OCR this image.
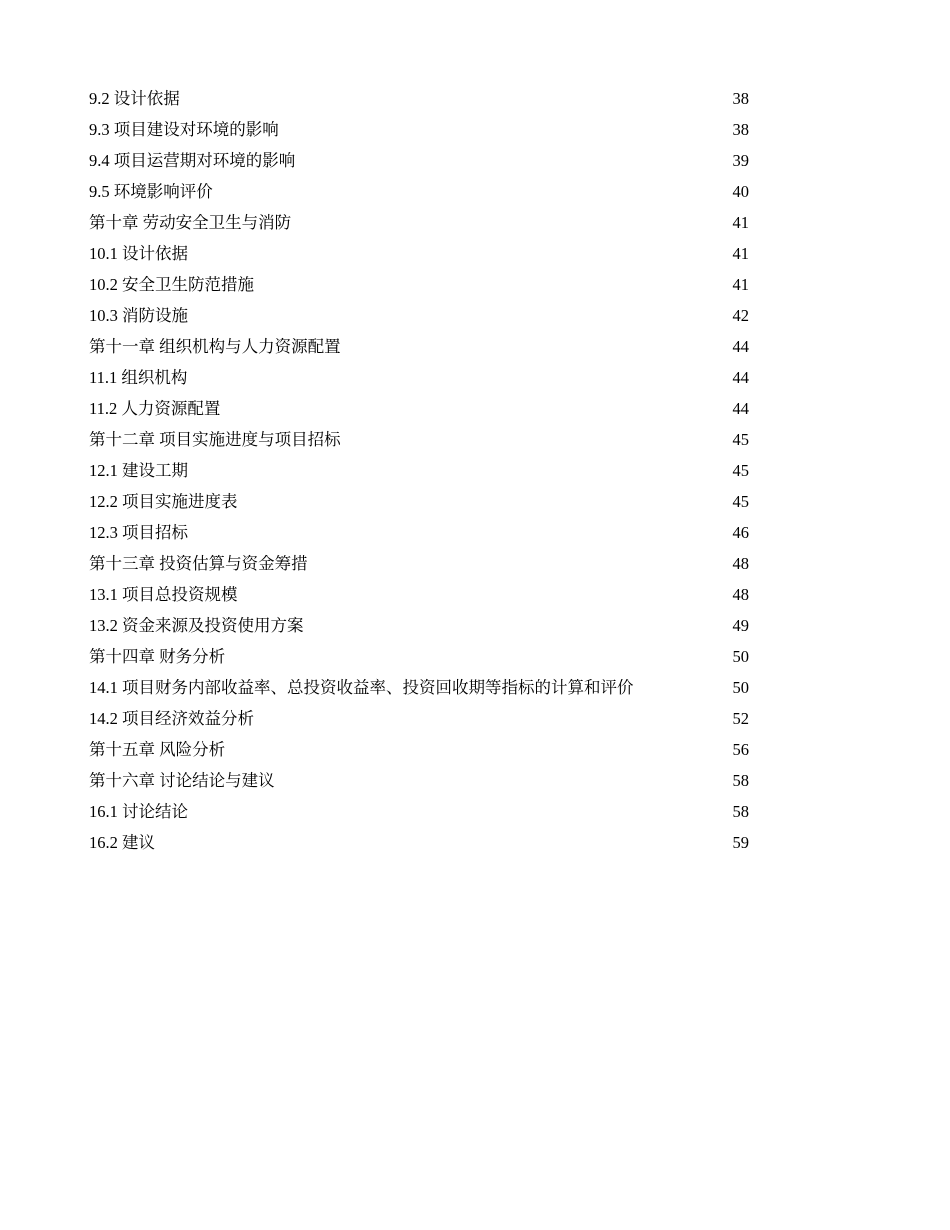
9.2 设计依据	38
9.3 项目建设对环境的影响	38
9.4 项目运营期对环境的影响	39
9.5 环境影响评价	40
第十章 劳动安全卫生与消防	41
10.1 设计依据	41
10.2 安全卫生防范措施	41
10.3 消防设施	42
第十一章 组织机构与人力资源配置	44
11.1 组织机构	44
11.2 人力资源配置	44
第十二章 项目实施进度与项目招标	45
12.1 建设工期	45
12.2 项目实施进度表	45
12.3 项目招标	46
第十三章 投资估算与资金筹措	48
13.1 项目总投资规模	48
13.2 资金来源及投资使用方案	49
第十四章 财务分析	50
14.1 项目财务内部收益率、总投资收益率、投资回收期等指标的计算和评价	50
14.2 项目经济效益分析	52
第十五章 风险分析	56
第十六章 讨论结论与建议	58
16.1 讨论结论	58
16.2 建议	59
